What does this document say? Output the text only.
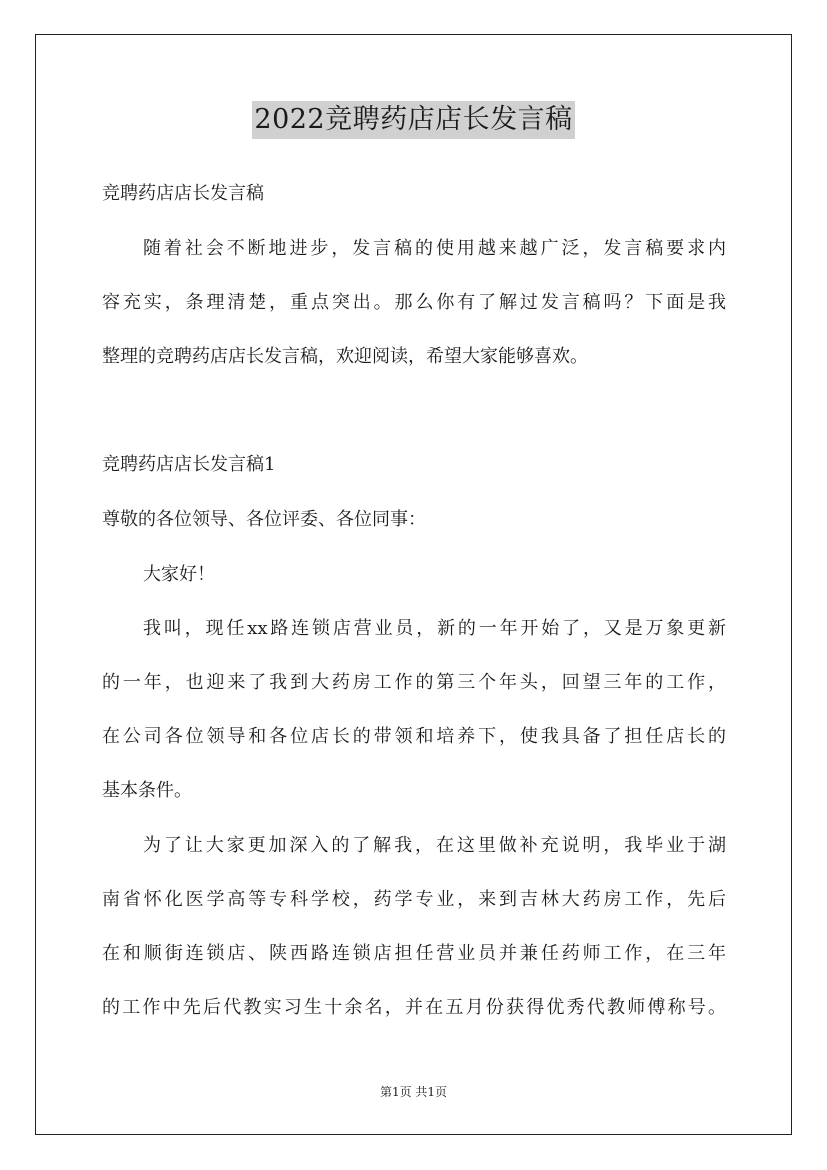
2022竞聘药店店长发言稿
竞聘药店店长发言稿
随着社会不断地进步，发言稿的使用越来越广泛，发言稿要求内
容充实，条理清楚，重点突出。那么你有了解过发言稿吗？下面是我
整理的竞聘药店店长发言稿，欢迎阅读，希望大家能够喜欢。
竞聘药店店长发言稿1
尊敬的各位领导、各位评委、各位同事：
大家好！
我叫，现任xx路连锁店营业员，新的一年开始了，又是万象更新
的一年，也迎来了我到大药房工作的第三个年头，回望三年的工作，
在公司各位领导和各位店长的带领和培养下，使我具备了担任店长的
基本条件。
为了让大家更加深入的了解我，在这里做补充说明，我毕业于湖
南省怀化医学高等专科学校，药学专业，来到吉林大药房工作，先后
在和顺街连锁店、陕西路连锁店担任营业员并兼任药师工作，在三年
的工作中先后代教实习生十余名，并在五月份获得优秀代教师傅称号。
第1页 共1页
